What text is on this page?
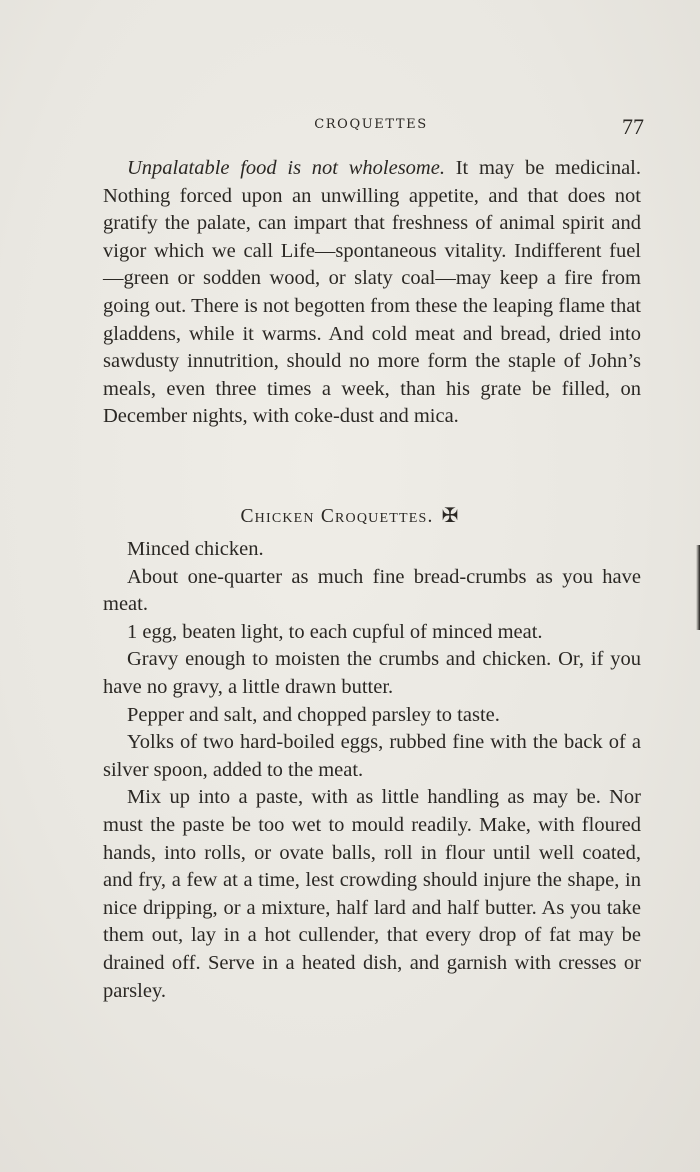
CROQUETTES	77

Unpalatable food is not wholesome. It may be medicinal. Nothing forced upon an unwilling appetite, and that does not gratify the palate, can impart that freshness of animal spirit and vigor which we call Life—spontaneous vitality. Indifferent fuel—green or sodden wood, or slaty coal—may keep a fire from going out. There is not begotten from these the leaping flame that gladdens, while it warms. And cold meat and bread, dried into sawdusty innutrition, should no more form the staple of John’s meals, even three times a week, than his grate be filled, on December nights, with coke-dust and mica.

Chicken Croquettes. ✠

Minced chicken.

About one-quarter as much fine bread-crumbs as you have meat.

1 egg, beaten light, to each cupful of minced meat.

Gravy enough to moisten the crumbs and chicken. Or, if you have no gravy, a little drawn butter.

Pepper and salt, and chopped parsley to taste.

Yolks of two hard-boiled eggs, rubbed fine with the back of a silver spoon, added to the meat.

Mix up into a paste, with as little handling as may be. Nor must the paste be too wet to mould readily. Make, with floured hands, into rolls, or ovate balls, roll in flour until well coated, and fry, a few at a time, lest crowding should injure the shape, in nice dripping, or a mixture, half lard and half butter. As you take them out, lay in a hot cullender, that every drop of fat may be drained off. Serve in a heated dish, and garnish with cresses or parsley.
